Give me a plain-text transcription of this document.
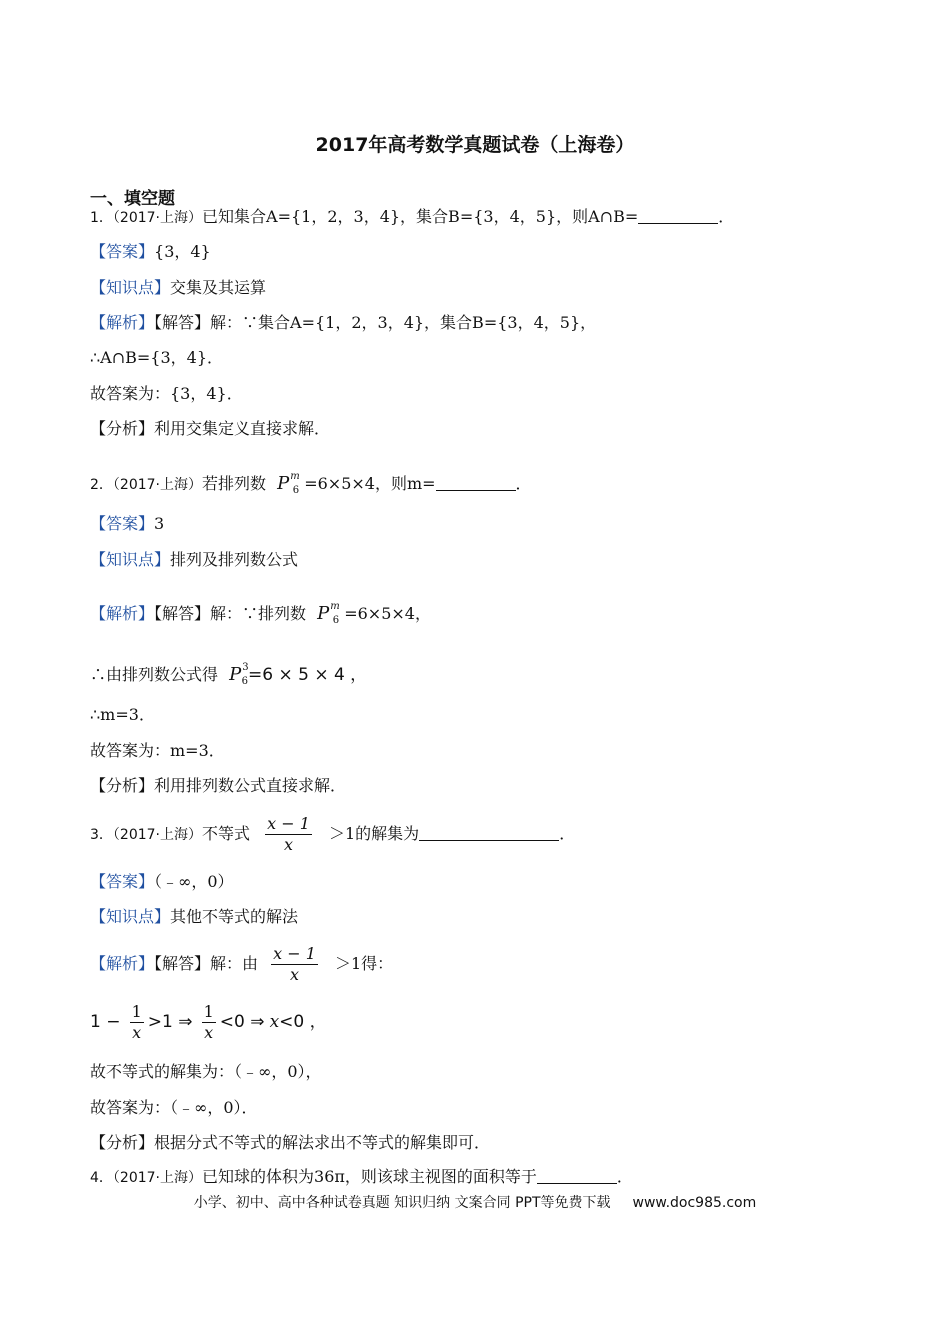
2017年高考数学真题试卷（上海卷）
一、填空题
1．（2017·上海）已知集合A={1，2，3，4}，集合B={3，4，5}，则A∩B=	．
【答案】{3，4}
【知识点】交集及其运算
【解析】【解答】解：∵集合A={1，2，3，4}，集合B={3，4，5}，
∴A∩B={3，4}．
故答案为：{3，4}．
【分析】利用交集定义直接求解．
2．（2017·上海）若排列数 $P^m_6 =6\times 5\times 4$，则m=	．
【答案】3
【知识点】排列及排列数公式
【解析】【解答】解：∵排列数 $P^m_6 =6\times 5\times 4$，
∴由排列数公式得 $P^3_6=6 \times 5 \times 4$ ，
∴m=3．
故答案为：m=3．
【分析】利用排列数公式直接求解．
3．（2017·上海）不等式 $\frac{x - 1}{x} >1$的解集为	．
【答案】（﹣∞，0）
【知识点】其他不等式的解法
【解析】【解答】解：由 $\frac{x - 1}{x} >1$得：
$1 - \frac{1}{x} >1$ ⇒ $\frac{1}{x} <0$ ⇒ x<0 ，
故不等式的解集为：（﹣∞，0），
故答案为：（﹣∞，0）．
【分析】根据分式不等式的解法求出不等式的解集即可．
4．（2017·上海）已知球的体积为36π，则该球主视图的面积等于	．
小学、初中、高中各种试卷真题 知识归纳 文案合同 PPT等免费下载 www.doc985.com
